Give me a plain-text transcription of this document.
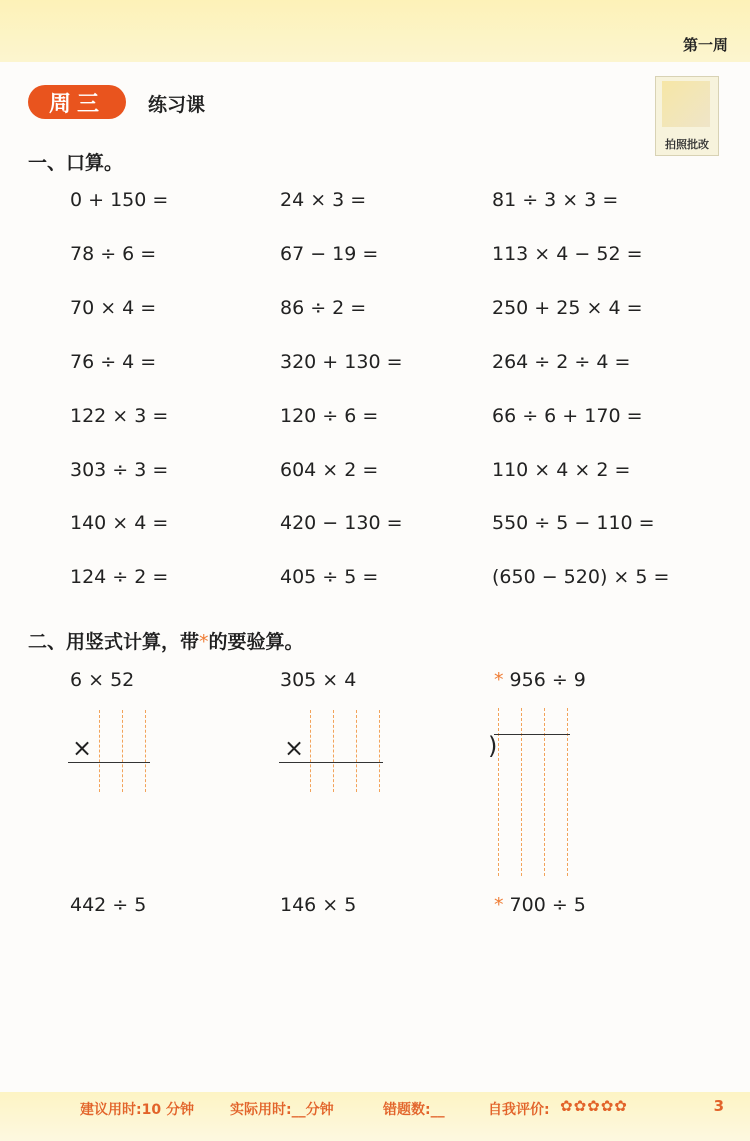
第一周
周三	练习课
拍照批改
一、口算。
0 + 150 =	24 × 3 =	81 ÷ 3 × 3 =
78 ÷ 6 =	67 − 19 =	113 × 4 − 52 =
70 × 4 =	86 ÷ 2 =	250 + 25 × 4 =
76 ÷ 4 =	320 + 130 =	264 ÷ 2 ÷ 4 =
122 × 3 =	120 ÷ 6 =	66 ÷ 6 + 170 =
303 ÷ 3 =	604 × 2 =	110 × 4 × 2 =
140 × 4 =	420 − 130 =	550 ÷ 5 − 110 =
124 ÷ 2 =	405 ÷ 5 =	(650 − 520) × 5 =
二、用竖式计算，带*的要验算。
6 × 52	305 × 4	* 956 ÷ 9
×	×	)
442 ÷ 5	146 × 5	* 700 ÷ 5
建议用时:10 分钟	实际用时:__分钟	错题数:__	自我评价: ✿✿✿✿✿	3
